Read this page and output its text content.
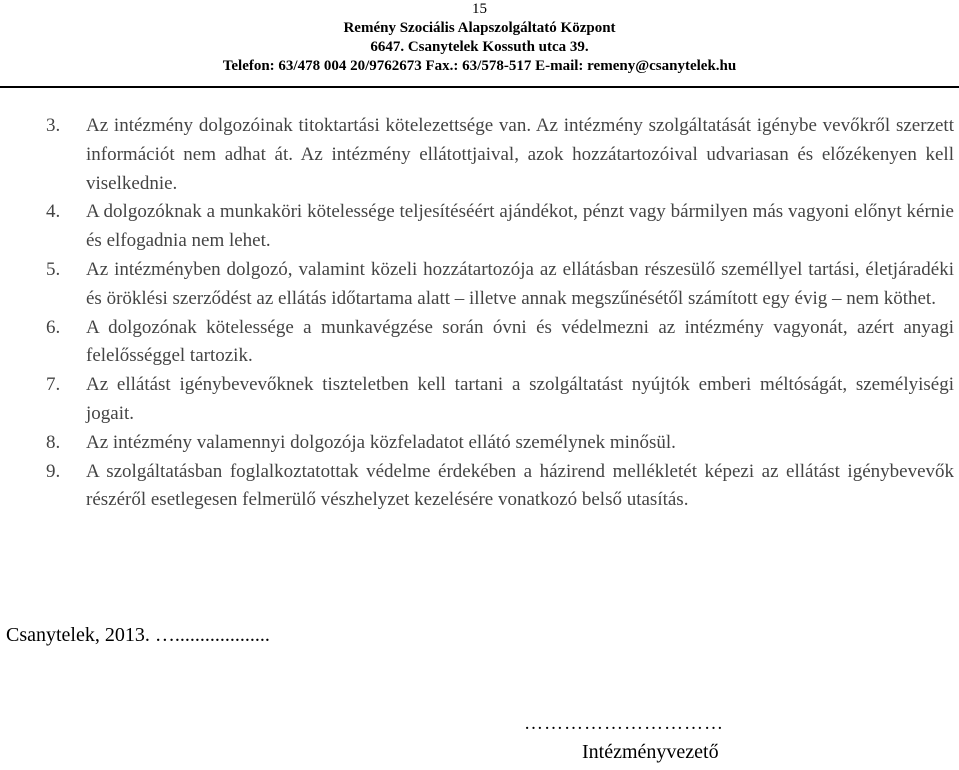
15
Remény Szociális Alapszolgáltató Központ
6647. Csanytelek Kossuth utca 39.
Telefon: 63/478 004 20/9762673 Fax.: 63/578-517 E-mail: remeny@csanytelek.hu
3. Az intézmény dolgozóinak titoktartási kötelezettsége van. Az intézmény szolgáltatását igénybe vevőkről szerzett információt nem adhat át. Az intézmény ellátottjaival, azok hozzátartozóival udvariasan és előzékenyen kell viselkednie.
4. A dolgozóknak a munkaköri kötelessége teljesítéséért ajándékot, pénzt vagy bármilyen más vagyoni előnyt kérnie és elfogadnia nem lehet.
5. Az intézményben dolgozó, valamint közeli hozzátartozója az ellátásban részesülő személlyel tartási, életjáradéki és öröklési szerződést az ellátás időtartama alatt – illetve annak megszűnésétől számított egy évig – nem köthet.
6. A dolgozónak kötelessége a munkavégzése során óvni és védelmezni az intézmény vagyonát, azért anyagi felelősséggel tartozik.
7. Az ellátást igénybevevőknek tiszteletben kell tartani a szolgáltatást nyújtók emberi méltóságát, személyiségi jogait.
8. Az intézmény valamennyi dolgozója közfeladatot ellátó személynek minősül.
9. A szolgáltatásban foglalkoztatottak védelme érdekében a házirend mellékletét képezi az ellátást igénybevevők részéről esetlegesen felmerülő vészhelyzet kezelésére vonatkozó belső utasítás.
Csanytelek, 2013. …...................
…………………………
Intézményvezető
